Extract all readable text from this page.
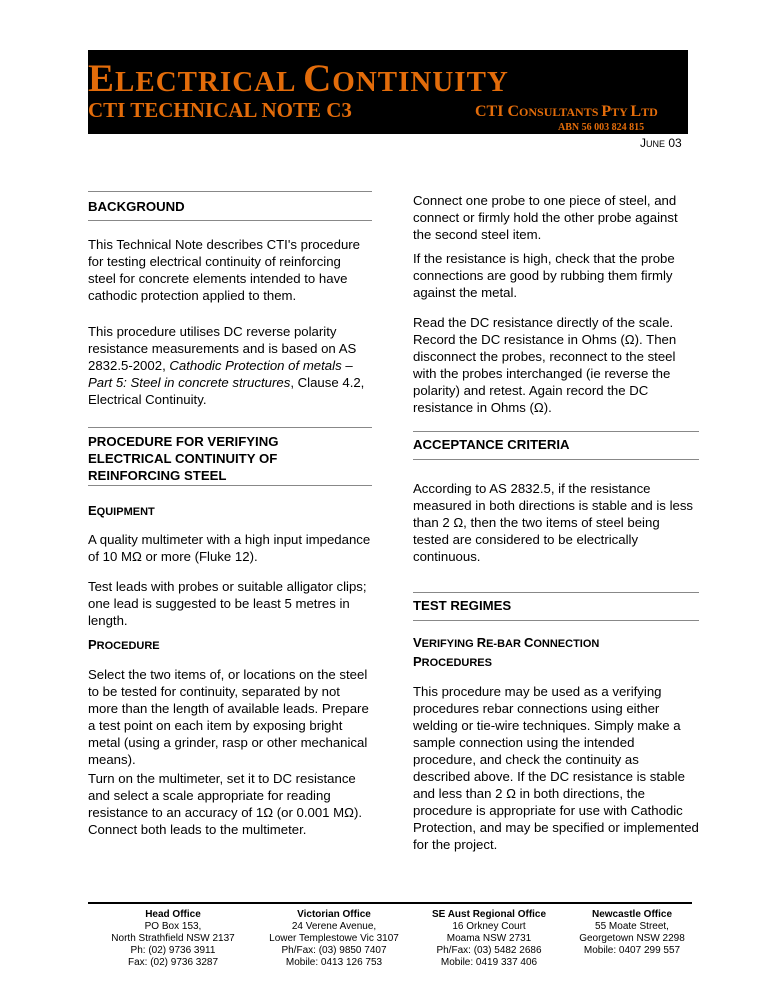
ELECTRICAL CONTINUITY
CTI TECHNICAL NOTE C3	CTI CONSULTANTS PTY LTD
ABN 56 003 824 815
JUNE 03
BACKGROUND

This Technical Note describes CTI's procedure for testing electrical continuity of reinforcing steel for concrete elements intended to have cathodic protection applied to them.

This procedure utilises DC reverse polarity resistance measurements and is based on AS 2832.5-2002, Cathodic Protection of metals – Part 5: Steel in concrete structures, Clause 4.2, Electrical Continuity.

PROCEDURE FOR VERIFYING ELECTRICAL CONTINUITY OF REINFORCING STEEL
EQUIPMENT

A quality multimeter with a high input impedance of 10 MΩ or more (Fluke 12).

Test leads with probes or suitable alligator clips; one lead is suggested to be least 5 metres in length.

PROCEDURE

Select the two items of, or locations on the steel to be tested for continuity, separated by not more than the length of available leads. Prepare a test point on each item by exposing bright metal (using a grinder, rasp or other mechanical means).

Turn on the multimeter, set it to DC resistance and select a scale appropriate for reading resistance to an accuracy of 1Ω (or 0.001 MΩ). Connect both leads to the multimeter.

Connect one probe to one piece of steel, and connect or firmly hold the other probe against the second steel item.

If the resistance is high, check that the probe connections are good by rubbing them firmly against the metal.

Read the DC resistance directly of the scale. Record the DC resistance in Ohms (Ω). Then disconnect the probes, reconnect to the steel with the probes interchanged (ie reverse the polarity) and retest. Again record the DC resistance in Ohms (Ω).

ACCEPTANCE CRITERIA

According to AS 2832.5, if the resistance measured in both directions is stable and is less than 2 Ω, then the two items of steel being tested are considered to be electrically continuous.

TEST REGIMES
VERIFYING RE-BAR CONNECTION
PROCEDURES

This procedure may be used as a verifying procedures rebar connections using either welding or tie-wire techniques. Simply make a sample connection using the intended procedure, and check the continuity as described above. If the DC resistance is stable and less than 2 Ω in both directions, the procedure is appropriate for use with Cathodic Protection, and may be specified or implemented for the project.

Head Office
PO Box 153,
North Strathfield NSW 2137
Ph: (02) 9736 3911
Fax: (02) 9736 3287
Victorian Office
24 Verene Avenue,
Lower Templestowe Vic 3107
Ph/Fax: (03) 9850 7407
Mobile: 0413 126 753
SE Aust Regional Office
16 Orkney Court
Moama NSW 2731
Ph/Fax: (03) 5482 2686
Mobile: 0419 337 406
Newcastle Office
55 Moate Street,
Georgetown NSW 2298
Mobile: 0407 299 557
